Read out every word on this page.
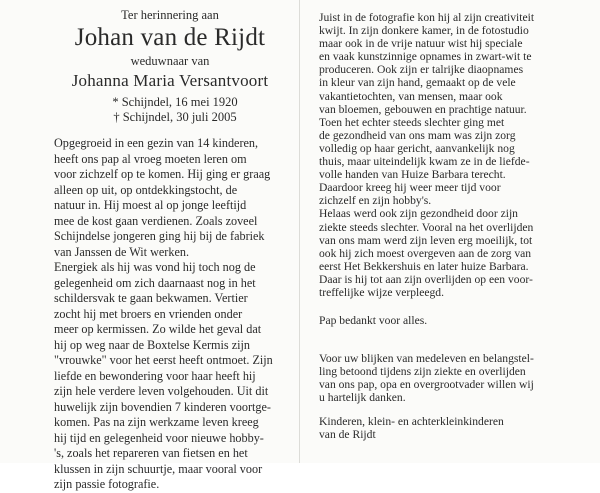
Ter herinnering aan
Johan van de Rijdt
weduwnaar van
Johanna Maria Versantvoort
* Schijndel, 16 mei 1920
† Schijndel, 30 juli 2005
Opgegroeid in een gezin van 14 kinderen,
heeft ons pap al vroeg moeten leren om
voor zichzelf op te komen. Hij ging er graag
alleen op uit, op ontdekkingstocht, de
natuur in. Hij moest al op jonge leeftijd
mee de kost gaan verdienen. Zoals zoveel
Schijndelse jongeren ging hij bij de fabriek
van Janssen de Wit werken.
Energiek als hij was vond hij toch nog de
gelegenheid om zich daarnaast nog in het
schildersvak te gaan bekwamen. Vertier
zocht hij met broers en vrienden onder
meer op kermissen. Zo wilde het geval dat
hij op weg naar de Boxtelse Kermis zijn
"vrouwke" voor het eerst heeft ontmoet. Zijn
liefde en bewondering voor haar heeft hij
zijn hele verdere leven volgehouden. Uit dit
huwelijk zijn bovendien 7 kinderen voortge-
komen. Pas na zijn werkzame leven kreeg
hij tijd en gelegenheid voor nieuwe hobby-
's, zoals het repareren van fietsen en het
klussen in zijn schuurtje, maar vooral voor
zijn passie fotografie.
Juist in de fotografie kon hij al zijn creativiteit
kwijt. In zijn donkere kamer, in de fotostudio
maar ook in de vrije natuur wist hij speciale
en vaak kunstzinnige opnames in zwart-wit te
produceren. Ook zijn er talrijke diaopnames
in kleur van zijn hand, gemaakt op de vele
vakantietochten, van mensen, maar ook
van bloemen, gebouwen en prachtige natuur.
Toen het echter steeds slechter ging met
de gezondheid van ons mam was zijn zorg
volledig op haar gericht, aanvankelijk nog
thuis, maar uiteindelijk kwam ze in de liefde-
volle handen van Huize Barbara terecht.
Daardoor kreeg hij weer meer tijd voor
zichzelf en zijn hobby's.
Helaas werd ook zijn gezondheid door zijn
ziekte steeds slechter. Vooral na het overlijden
van ons mam werd zijn leven erg moeilijk, tot
ook hij zich moest overgeven aan de zorg van
eerst Het Bekkershuis en later huize Barbara.
Daar is hij tot aan zijn overlijden op een voor-
treffelijke wijze verpleegd.
Pap bedankt voor alles.
Voor uw blijken van medeleven en belangstel-
ling betoond tijdens zijn ziekte en overlijden
van ons pap, opa en overgrootvader willen wij
u hartelijk danken.
Kinderen, klein- en achterkleinkinderen
van de Rijdt
